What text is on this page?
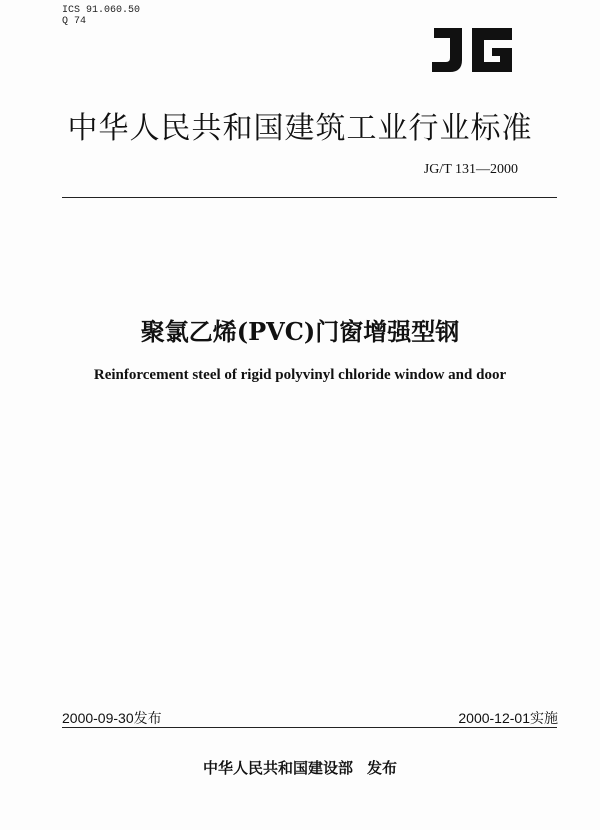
ICS 91.060.50
Q 74
中华人民共和国建筑工业行业标准
JG/T 131—2000
聚氯乙烯(PVC)门窗增强型钢
Reinforcement steel of rigid polyvinyl chloride window and door
2000-09-30发布	2000-12-01实施
中华人民共和国建设部 发布
